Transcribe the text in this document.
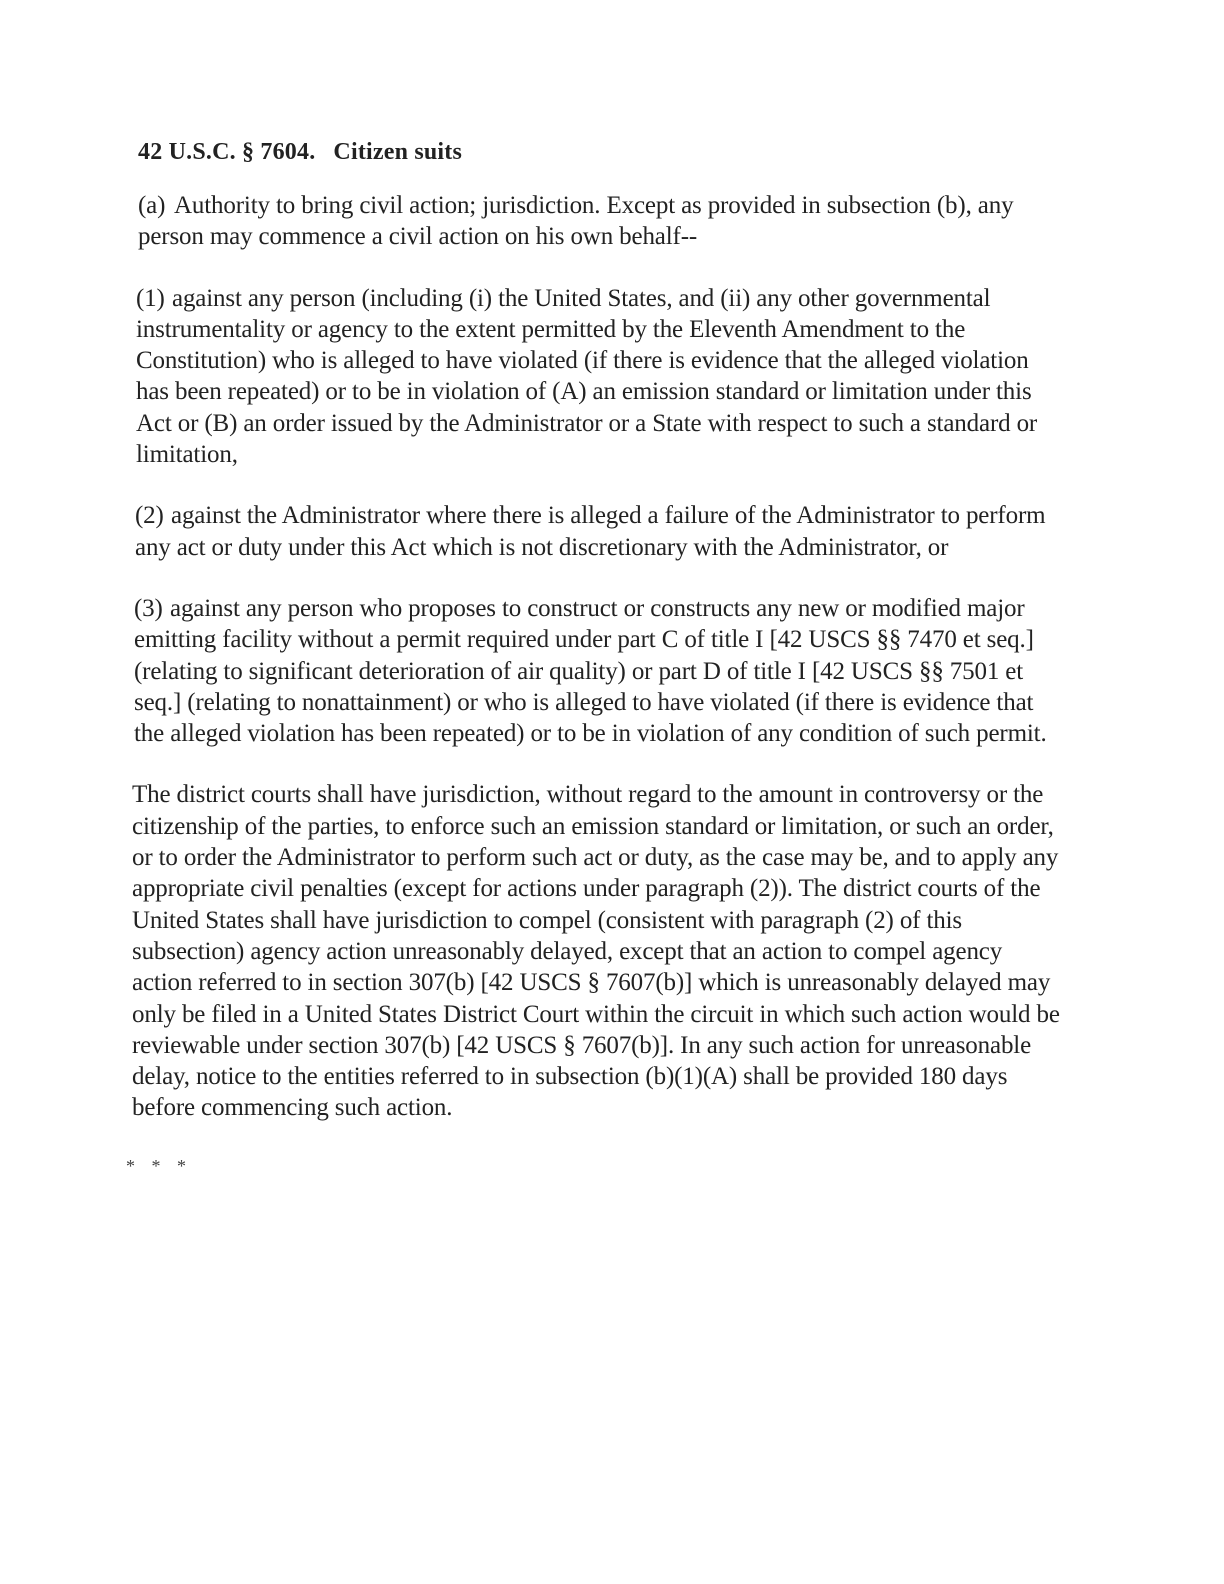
42 U.S.C. § 7604. Citizen suits

(a) Authority to bring civil action; jurisdiction. Except as provided in subsection (b), any person may commence a civil action on his own behalf--

(1) against any person (including (i) the United States, and (ii) any other governmental instrumentality or agency to the extent permitted by the Eleventh Amendment to the Constitution) who is alleged to have violated (if there is evidence that the alleged violation has been repeated) or to be in violation of (A) an emission standard or limitation under this Act or (B) an order issued by the Administrator or a State with respect to such a standard or limitation,

(2) against the Administrator where there is alleged a failure of the Administrator to perform any act or duty under this Act which is not discretionary with the Administrator, or

(3) against any person who proposes to construct or constructs any new or modified major emitting facility without a permit required under part C of title I [42 USCS §§ 7470 et seq.] (relating to significant deterioration of air quality) or part D of title I [42 USCS §§ 7501 et seq.] (relating to nonattainment) or who is alleged to have violated (if there is evidence that the alleged violation has been repeated) or to be in violation of any condition of such permit.

The district courts shall have jurisdiction, without regard to the amount in controversy or the citizenship of the parties, to enforce such an emission standard or limitation, or such an order, or to order the Administrator to perform such act or duty, as the case may be, and to apply any appropriate civil penalties (except for actions under paragraph (2)). The district courts of the United States shall have jurisdiction to compel (consistent with paragraph (2) of this subsection) agency action unreasonably delayed, except that an action to compel agency action referred to in section 307(b) [42 USCS § 7607(b)] which is unreasonably delayed may only be filed in a United States District Court within the circuit in which such action would be reviewable under section 307(b) [42 USCS § 7607(b)]. In any such action for unreasonable delay, notice to the entities referred to in subsection (b)(1)(A) shall be provided 180 days before commencing such action.

* * *
